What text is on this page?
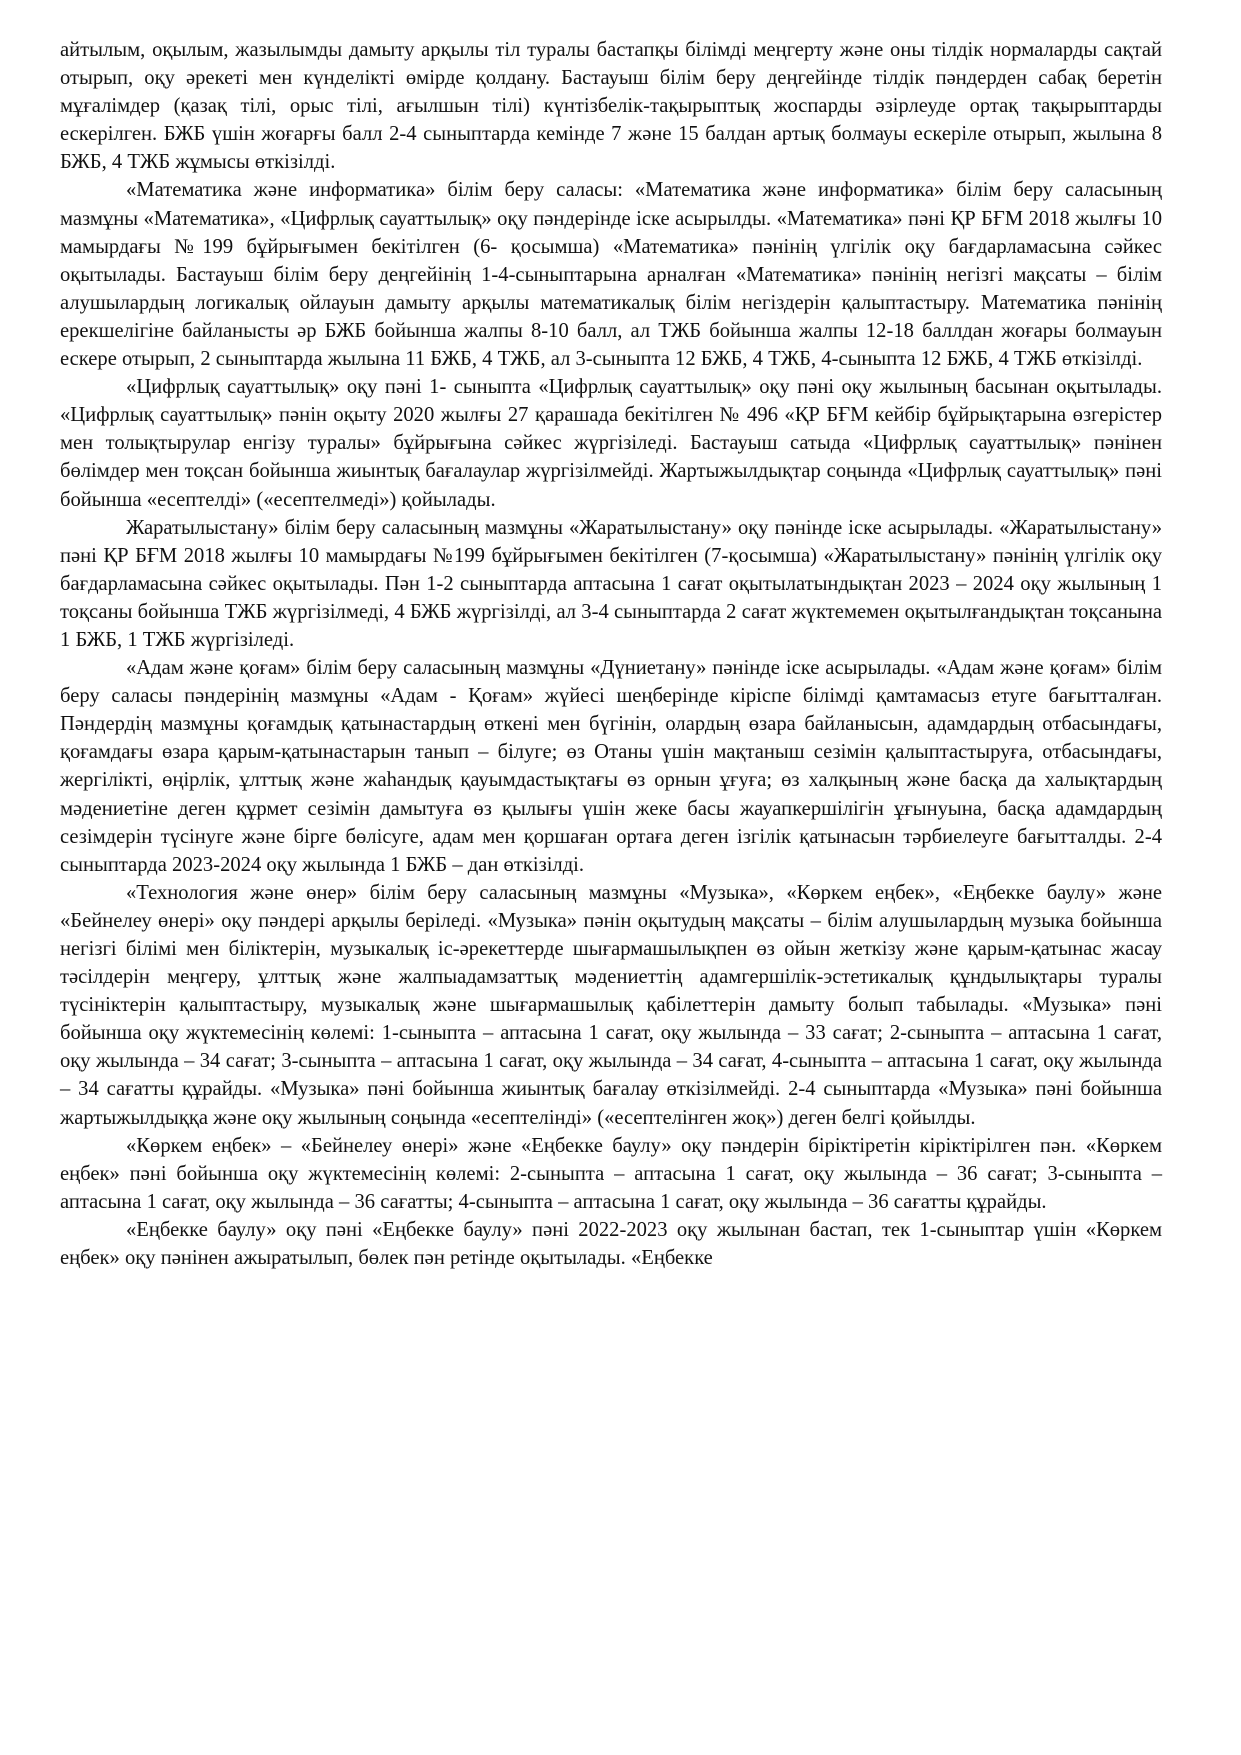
айтылым, оқылым, жазылымды дамыту арқылы тіл туралы бастапқы білімді меңгерту және оны тілдік нормаларды сақтай отырып, оқу әрекеті мен күнделікті өмірде қолдану. Бастауыш білім беру деңгейінде тілдік пәндерден сабақ беретін мұғалімдер (қазақ тілі, орыс тілі, ағылшын тілі) күнтізбелік-тақырыптық жоспарды әзірлеуде ортақ тақырыптарды ескерілген. БЖБ үшін жоғарғы балл 2-4 сыныптарда кемінде 7 және 15 балдан артық болмауы ескеріле отырып, жылына 8 БЖБ, 4 ТЖБ жұмысы өткізілді.

«Математика және информатика» білім беру саласы: «Математика және информатика» білім беру саласының мазмұны «Математика», «Цифрлық сауаттылық» оқу пәндерінде іске асырылды. «Математика» пәні ҚР БҒМ 2018 жылғы 10 мамырдағы №199 бұйрығымен бекітілген (6- қосымша) «Математика» пәнінің үлгілік оқу бағдарламасына сәйкес оқытылады. Бастауыш білім беру деңгейінің 1-4-сыныптарына арналған «Математика» пәнінің негізгі мақсаты – білім алушылардың логикалық ойлауын дамыту арқылы математикалық білім негіздерін қалыптастыру. Математика пәнінің ерекшелігіне байланысты әр БЖБ бойынша жалпы 8-10 балл, ал ТЖБ бойынша жалпы 12-18 баллдан жоғары болмауын ескере отырып, 2 сыныптарда жылына 11 БЖБ, 4 ТЖБ, ал 3-сыныпта 12 БЖБ, 4 ТЖБ, 4-сыныпта 12 БЖБ, 4 ТЖБ өткізілді.

«Цифрлық сауаттылық» оқу пәні 1- сыныпта «Цифрлық сауаттылық» оқу пәні оқу жылының басынан оқытылады. «Цифрлық сауаттылық» пәнін оқыту 2020 жылғы 27 қарашада бекітілген № 496 «ҚР БҒМ кейбір бұйрықтарына өзгерістер мен толықтырулар енгізу туралы» бұйрығына сәйкес жүргізіледі. Бастауыш сатыда «Цифрлық сауаттылық» пәнінен бөлімдер мен тоқсан бойынша жиынтық бағалаулар жүргізілмейді. Жартыжылдықтар соңында «Цифрлық сауаттылық» пәні бойынша «есептелді» («есептелмеді») қойылады.

Жаратылыстану» білім беру саласының мазмұны «Жаратылыстану» оқу пәнінде іске асырылады. «Жаратылыстану» пәні ҚР БҒМ 2018 жылғы 10 мамырдағы №199 бұйрығымен бекітілген (7-қосымша) «Жаратылыстану» пәнінің үлгілік оқу бағдарламасына сәйкес оқытылады. Пән 1-2 сыныптарда аптасына 1 сағат оқытылатындықтан 2023 – 2024 оқу жылының 1 тоқсаны бойынша ТЖБ жүргізілмеді, 4 БЖБ жүргізілді, ал 3-4 сыныптарда 2 сағат жүктемемен оқытылғандықтан тоқсанына 1 БЖБ, 1 ТЖБ жүргізіледі.

«Адам және қоғам» білім беру саласының мазмұны «Дүниетану» пәнінде іске асырылады. «Адам және қоғам» білім беру саласы пәндерінің мазмұны «Адам - Қоғам» жүйесі шеңберінде кіріспе білімді қамтамасыз етуге бағытталған. Пәндердің мазмұны қоғамдық қатынастардың өткені мен бүгінін, олардың өзара байланысын, адамдардың отбасындағы, қоғамдағы өзара қарым-қатынастарын танып – білуге; өз Отаны үшін мақтаныш сезімін қалыптастыруға, отбасындағы, жергілікті, өңірлік, ұлттық және жаһандық қауымдастықтағы өз орнын ұғуға; өз халқының және басқа да халықтардың мәдениетіне деген құрмет сезімін дамытуға өз қылығы үшін жеке басы жауапкершілігін ұғынуына, басқа адамдардың сезімдерін түсінуге және бірге бөлісуге, адам мен қоршаған ортаға деген ізгілік қатынасын тәрбиелеуге бағытталды. 2-4 сыныптарда 2023-2024 оқу жылында 1 БЖБ – дан өткізілді.

«Технология және өнер» білім беру саласының мазмұны «Музыка», «Көркем еңбек», «Еңбекке баулу» және «Бейнелеу өнері» оқу пәндері арқылы беріледі. «Музыка» пәнін оқытудың мақсаты – білім алушылардың музыка бойынша негізгі білімі мен біліктерін, музыкалық іс-әрекеттерде шығармашылықпен өз ойын жеткізу және қарым-қатынас жасау тәсілдерін меңгеру, ұлттық және жалпыадамзаттық мәдениеттің адамгершілік-эстетикалық құндылықтары туралы түсініктерін қалыптастыру, музыкалық және шығармашылық қабілеттерін дамыту болып табылады. «Музыка» пәні бойынша оқу жүктемесінің көлемі: 1-сыныпта – аптасына 1 сағат, оқу жылында – 33 сағат; 2-сыныпта – аптасына 1 сағат, оқу жылында – 34 сағат; 3-сыныпта – аптасына 1 сағат, оқу жылында – 34 сағат, 4-сыныпта – аптасына 1 сағат, оқу жылында – 34 сағатты құрайды. «Музыка» пәні бойынша жиынтық бағалау өткізілмейді. 2-4 сыныптарда «Музыка» пәні бойынша жартыжылдыққа және оқу жылының соңында «есептелінді» («есептелінген жоқ») деген белгі қойылды.

«Көркем еңбек» – «Бейнелеу өнері» және «Еңбекке баулу» оқу пәндерін біріктіретін кіріктірілген пән. «Көркем еңбек» пәні бойынша оқу жүктемесінің көлемі: 2-сыныпта – аптасына 1 сағат, оқу жылында – 36 сағат; 3-сыныпта – аптасына 1 сағат, оқу жылында – 36 сағатты; 4-сыныпта – аптасына 1 сағат, оқу жылында – 36 сағатты құрайды.

«Еңбекке баулу» оқу пәні «Еңбекке баулу» пәні 2022-2023 оқу жылынан бастап, тек 1-сыныптар үшін «Көркем еңбек» оқу пәнінен ажыратылып, бөлек пән ретінде оқытылады. «Еңбекке
